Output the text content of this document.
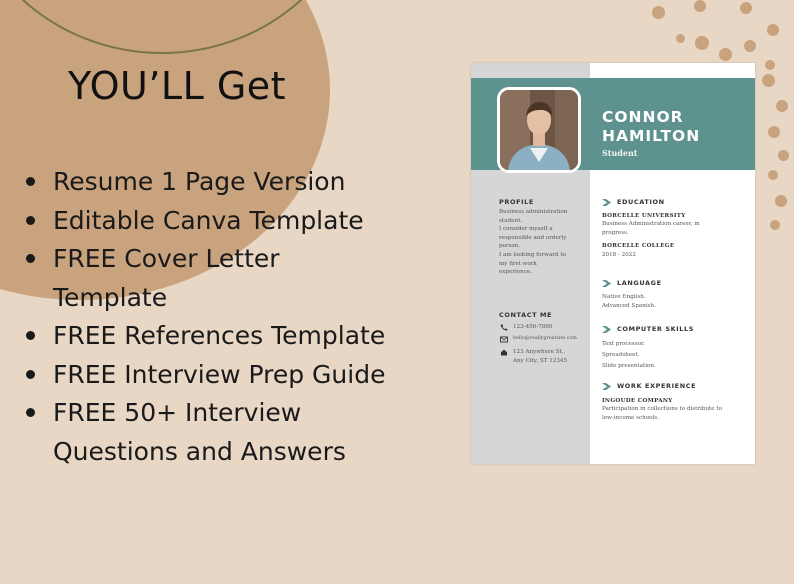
YOU’LL Get
Resume 1 Page Version
Editable Canva Template
FREE Cover Letter
Template
FREE References Template
FREE Interview Prep Guide
FREE 50+ Interview
Questions and Answers
CONNOR
HAMILTON
Student
PROFILE
Business administration
student.
I consider myself a
responsible and orderly
person.
I am looking forward to
my first work
experience.
CONTACT ME
123-456-7890
hello@reallygreatsite.com
123 Anywhere St.,
Any City, ST 12345
EDUCATION
BORCELLE UNIVERSITY
Business Administration career, in
progress.
BORCELLE COLLEGE
2018 - 2022
LANGUAGE
Native English.
Advanced Spanish.
COMPUTER SKILLS
Text processor.
Spreadsheet.
Slide presentation.
WORK EXPERIENCE
INGOUDE COMPANY
Participation in collections to distribute to
low-income schools.
